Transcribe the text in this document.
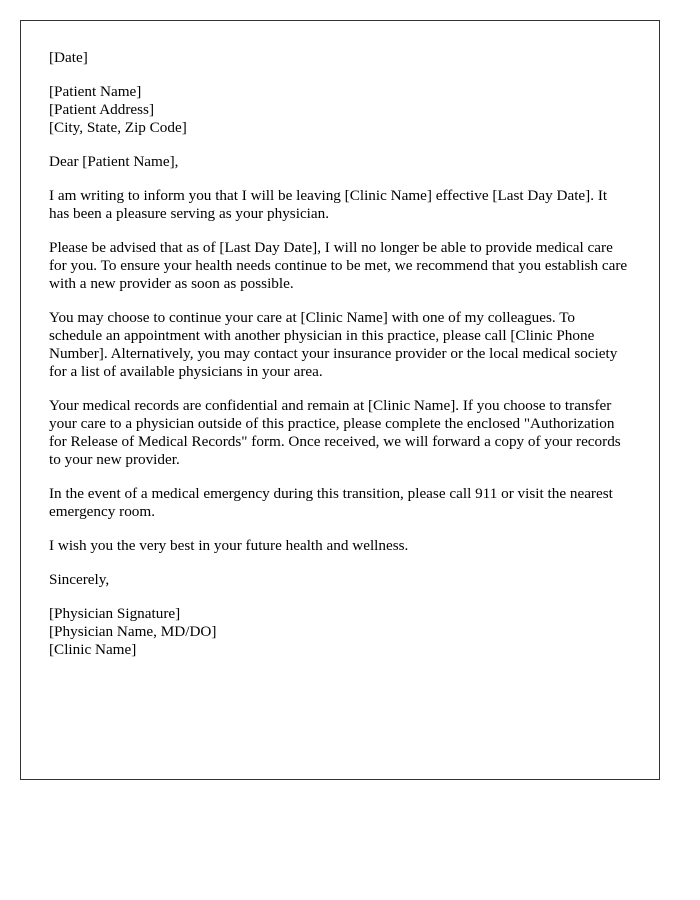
[Date]

[Patient Name]
[Patient Address]
[City, State, Zip Code]

Dear [Patient Name],

I am writing to inform you that I will be leaving [Clinic Name] effective [Last Day Date]. It has been a pleasure serving as your physician.

Please be advised that as of [Last Day Date], I will no longer be able to provide medical care for you. To ensure your health needs continue to be met, we recommend that you establish care with a new provider as soon as possible.

You may choose to continue your care at [Clinic Name] with one of my colleagues. To schedule an appointment with another physician in this practice, please call [Clinic Phone Number]. Alternatively, you may contact your insurance provider or the local medical society for a list of available physicians in your area.

Your medical records are confidential and remain at [Clinic Name]. If you choose to transfer your care to a physician outside of this practice, please complete the enclosed "Authorization for Release of Medical Records" form. Once received, we will forward a copy of your records to your new provider.

In the event of a medical emergency during this transition, please call 911 or visit the nearest emergency room.

I wish you the very best in your future health and wellness.

Sincerely,

[Physician Signature]
[Physician Name, MD/DO]
[Clinic Name]
